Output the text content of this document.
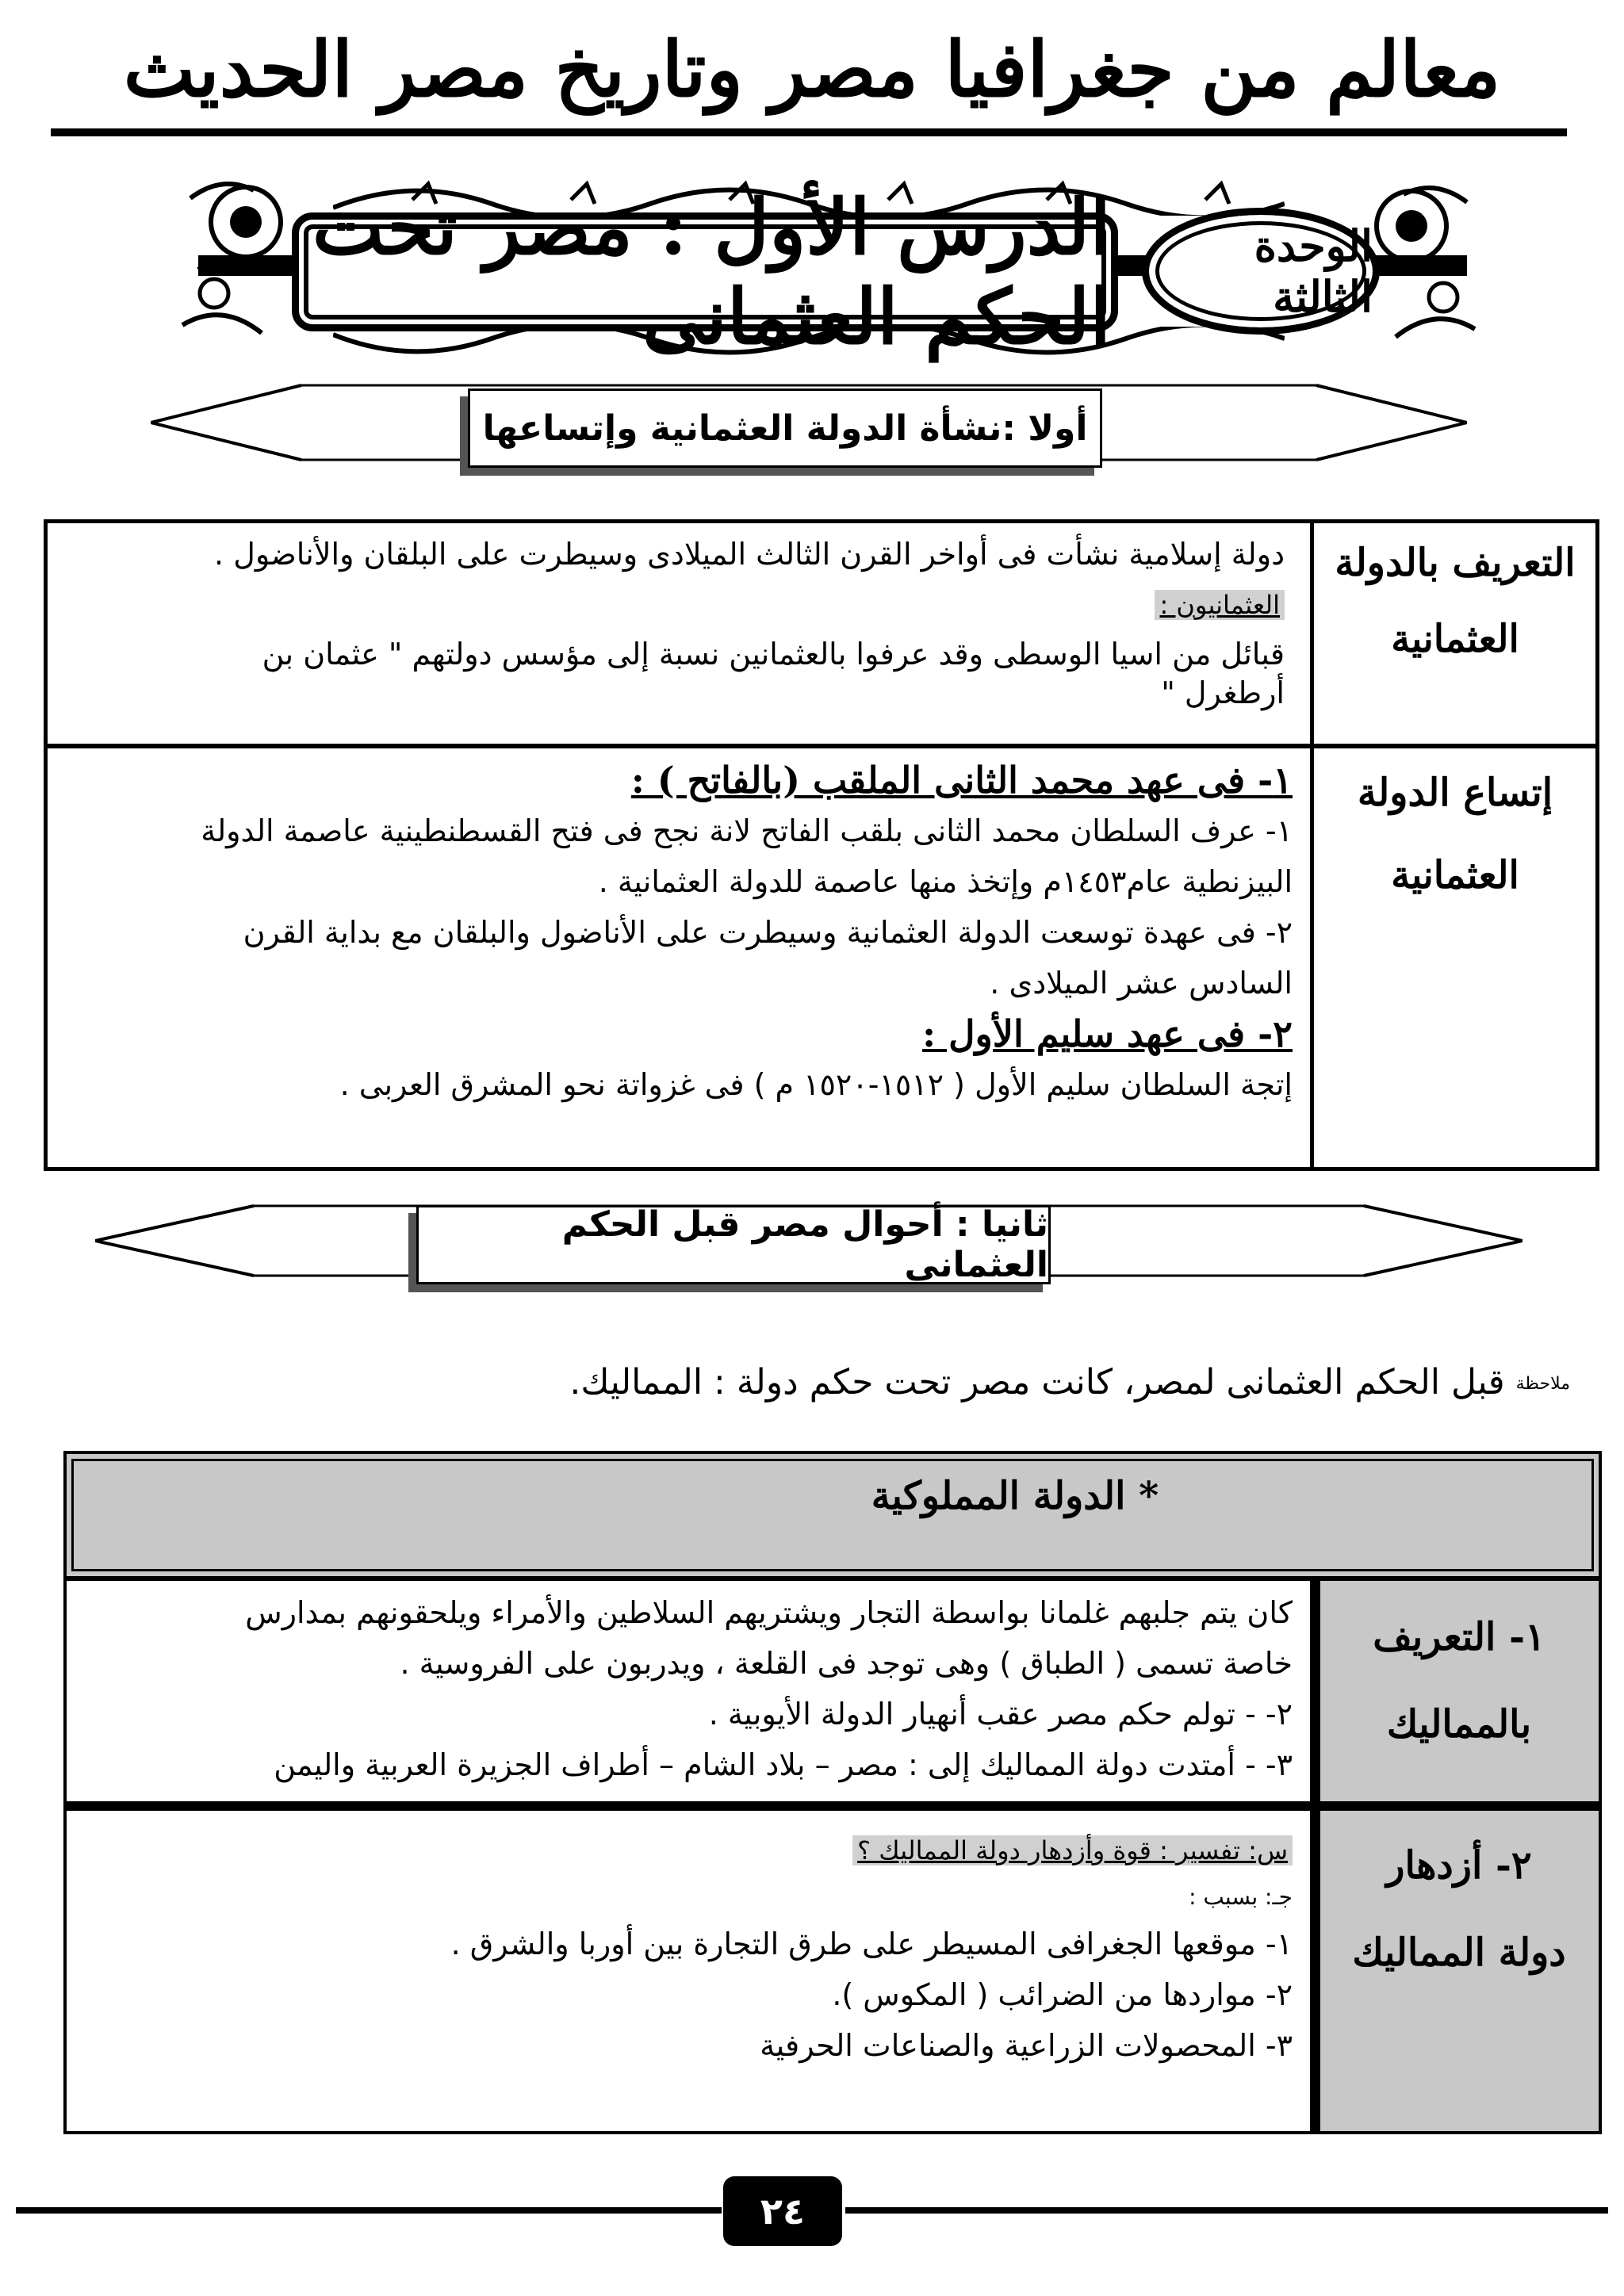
معالم من جغرافيا مصر وتاريخ مصر الحديث
الدرس الأول : مصر تحت الحكم العثمانى
الوحدة الثالثة
أولا :نشأة الدولة العثمانية وإتساعها
التعريف بالدولة
العثمانية
دولة إسلامية نشأت فى أواخر القرن الثالث الميلادى وسيطرت على البلقان والأناضول .
العثمانيون :
قبائل من اسيا الوسطى وقد عرفوا بالعثمانين نسبة إلى مؤسس دولتهم " عثمان بن
أرطغرل "
إتساع الدولة
العثمانية
١- فى عهد محمد الثانى الملقب (بالفاتح ) :
١- عرف السلطان محمد الثانى بلقب الفاتح لانة نجح فى فتح القسطنطينية عاصمة الدولة
البيزنطية عام١٤٥٣م وإتخذ منها عاصمة للدولة العثمانية .
٢- فى عهدة توسعت الدولة العثمانية وسيطرت على الأناضول والبلقان مع بداية القرن
السادس عشر الميلادى .
٢- فى عهد سليم الأول :
إتجة السلطان سليم الأول ( ١٥١٢-١٥٢٠ م ) فى غزواتة نحو المشرق العربى .
ثانيا : أحوال مصر قبل الحكم العثمانى
ملاحظة قبل الحكم العثمانى لمصر، كانت مصر تحت حكم دولة : المماليك.
* الدولة المملوكية
١- التعريف
بالمماليك
كان يتم جلبهم غلمانا بواسطة التجار ويشتريهم السلاطين والأمراء ويلحقونهم بمدارس
خاصة تسمى ( الطباق ) وهى توجد فى القلعة ، ويدربون على الفروسية .
٢- - تولم حكم مصر عقب أنهيار الدولة الأيوبية .
٣- - أمتدت دولة المماليك إلى : مصر – بلاد الشام – أطراف الجزيرة العربية واليمن
٢- أزدهار
دولة المماليك
س: تفسير : قوة وأزدهار دولة المماليك ؟
جـ: بسبب :
١- موقعها الجغرافى المسيطر على طرق التجارة بين أوربا والشرق .
٢- مواردها من الضرائب ( المكوس ).
٣- المحصولات الزراعية والصناعات الحرفية
٢٤
